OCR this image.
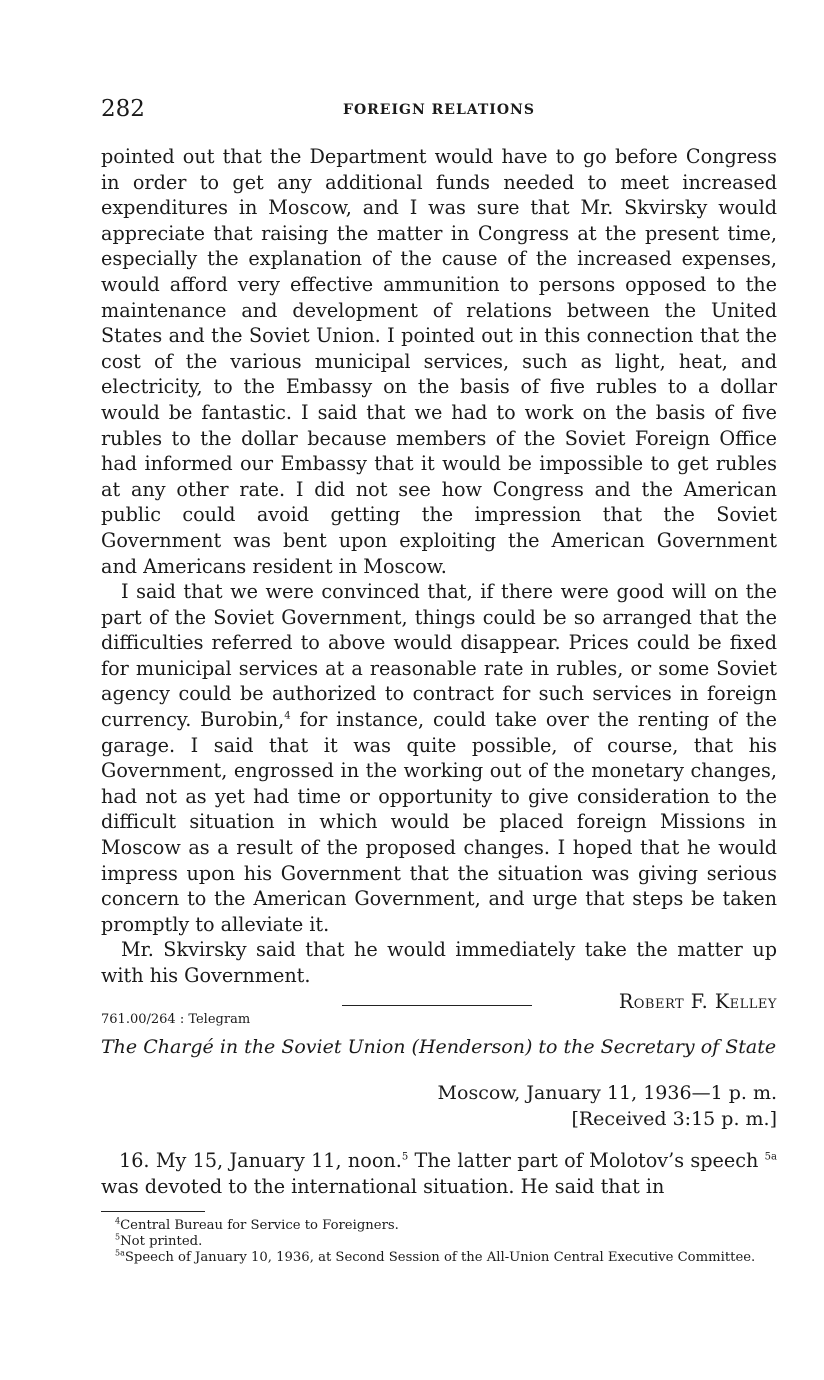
282	FOREIGN RELATIONS

pointed out that the Department would have to go before Congress in order to get any additional funds needed to meet increased expenditures in Moscow, and I was sure that Mr. Skvirsky would appreciate that raising the matter in Congress at the present time, especially the explanation of the cause of the increased expenses, would afford very effective ammunition to persons opposed to the maintenance and development of relations between the United States and the Soviet Union. I pointed out in this connection that the cost of the various municipal services, such as light, heat, and electricity, to the Embassy on the basis of five rubles to a dollar would be fantastic. I said that we had to work on the basis of five rubles to the dollar because members of the Soviet Foreign Office had informed our Embassy that it would be impossible to get rubles at any other rate. I did not see how Congress and the American public could avoid getting the impression that the Soviet Government was bent upon exploiting the American Government and Americans resident in Moscow.

I said that we were convinced that, if there were good will on the part of the Soviet Government, things could be so arranged that the difficulties referred to above would disappear. Prices could be fixed for municipal services at a reasonable rate in rubles, or some Soviet agency could be authorized to contract for such services in foreign currency. Burobin,$^4$ for instance, could take over the renting of the garage. I said that it was quite possible, of course, that his Government, engrossed in the working out of the monetary changes, had not as yet had time or opportunity to give consideration to the difficult situation in which would be placed foreign Missions in Moscow as a result of the proposed changes. I hoped that he would impress upon his Government that the situation was giving serious concern to the American Government, and urge that steps be taken promptly to alleviate it.

Mr. Skvirsky said that he would immediately take the matter up with his Government.

Robert F. Kelley

761.00/264 : Telegram
The Chargé in the Soviet Union (Henderson) to the Secretary of State
Moscow, January 11, 1936—1 p. m.
[Received 3:15 p. m.]

16. My 15, January 11, noon.$^5$ The latter part of Molotov’s speech $^{5a}$ was devoted to the international situation. He said that in

$^4$Central Bureau for Service to Foreigners.

$^5$Not printed.

$^{5a}$Speech of January 10, 1936, at Second Session of the All-Union Central Executive Committee.
